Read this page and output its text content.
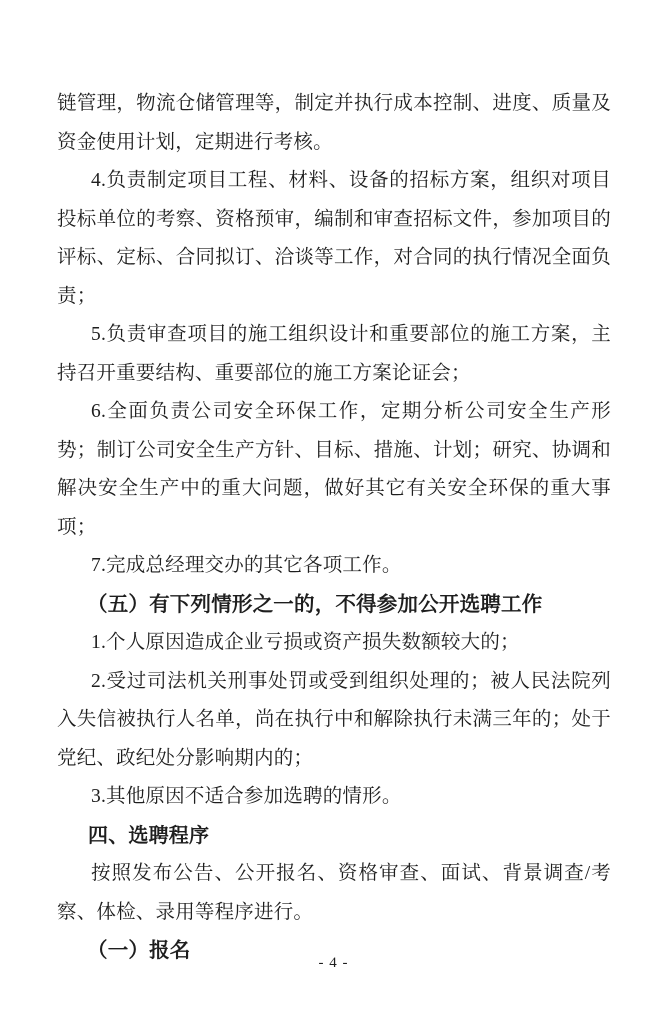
链管理，物流仓储管理等，制定并执行成本控制、进度、质量及资金使用计划，定期进行考核。

4.负责制定项目工程、材料、设备的招标方案，组织对项目投标单位的考察、资格预审，编制和审查招标文件，参加项目的评标、定标、合同拟订、洽谈等工作，对合同的执行情况全面负责；

5.负责审查项目的施工组织设计和重要部位的施工方案，主持召开重要结构、重要部位的施工方案论证会；

6.全面负责公司安全环保工作，定期分析公司安全生产形势；制订公司安全生产方针、目标、措施、计划；研究、协调和解决安全生产中的重大问题，做好其它有关安全环保的重大事项；

7.完成总经理交办的其它各项工作。

（五）有下列情形之一的，不得参加公开选聘工作

1.个人原因造成企业亏损或资产损失数额较大的；

2.受过司法机关刑事处罚或受到组织处理的；被人民法院列入失信被执行人名单，尚在执行中和解除执行未满三年的；处于党纪、政纪处分影响期内的；

3.其他原因不适合参加选聘的情形。

四、选聘程序

按照发布公告、公开报名、资格审查、面试、背景调查/考察、体检、录用等程序进行。

（一）报名

- 4 -
